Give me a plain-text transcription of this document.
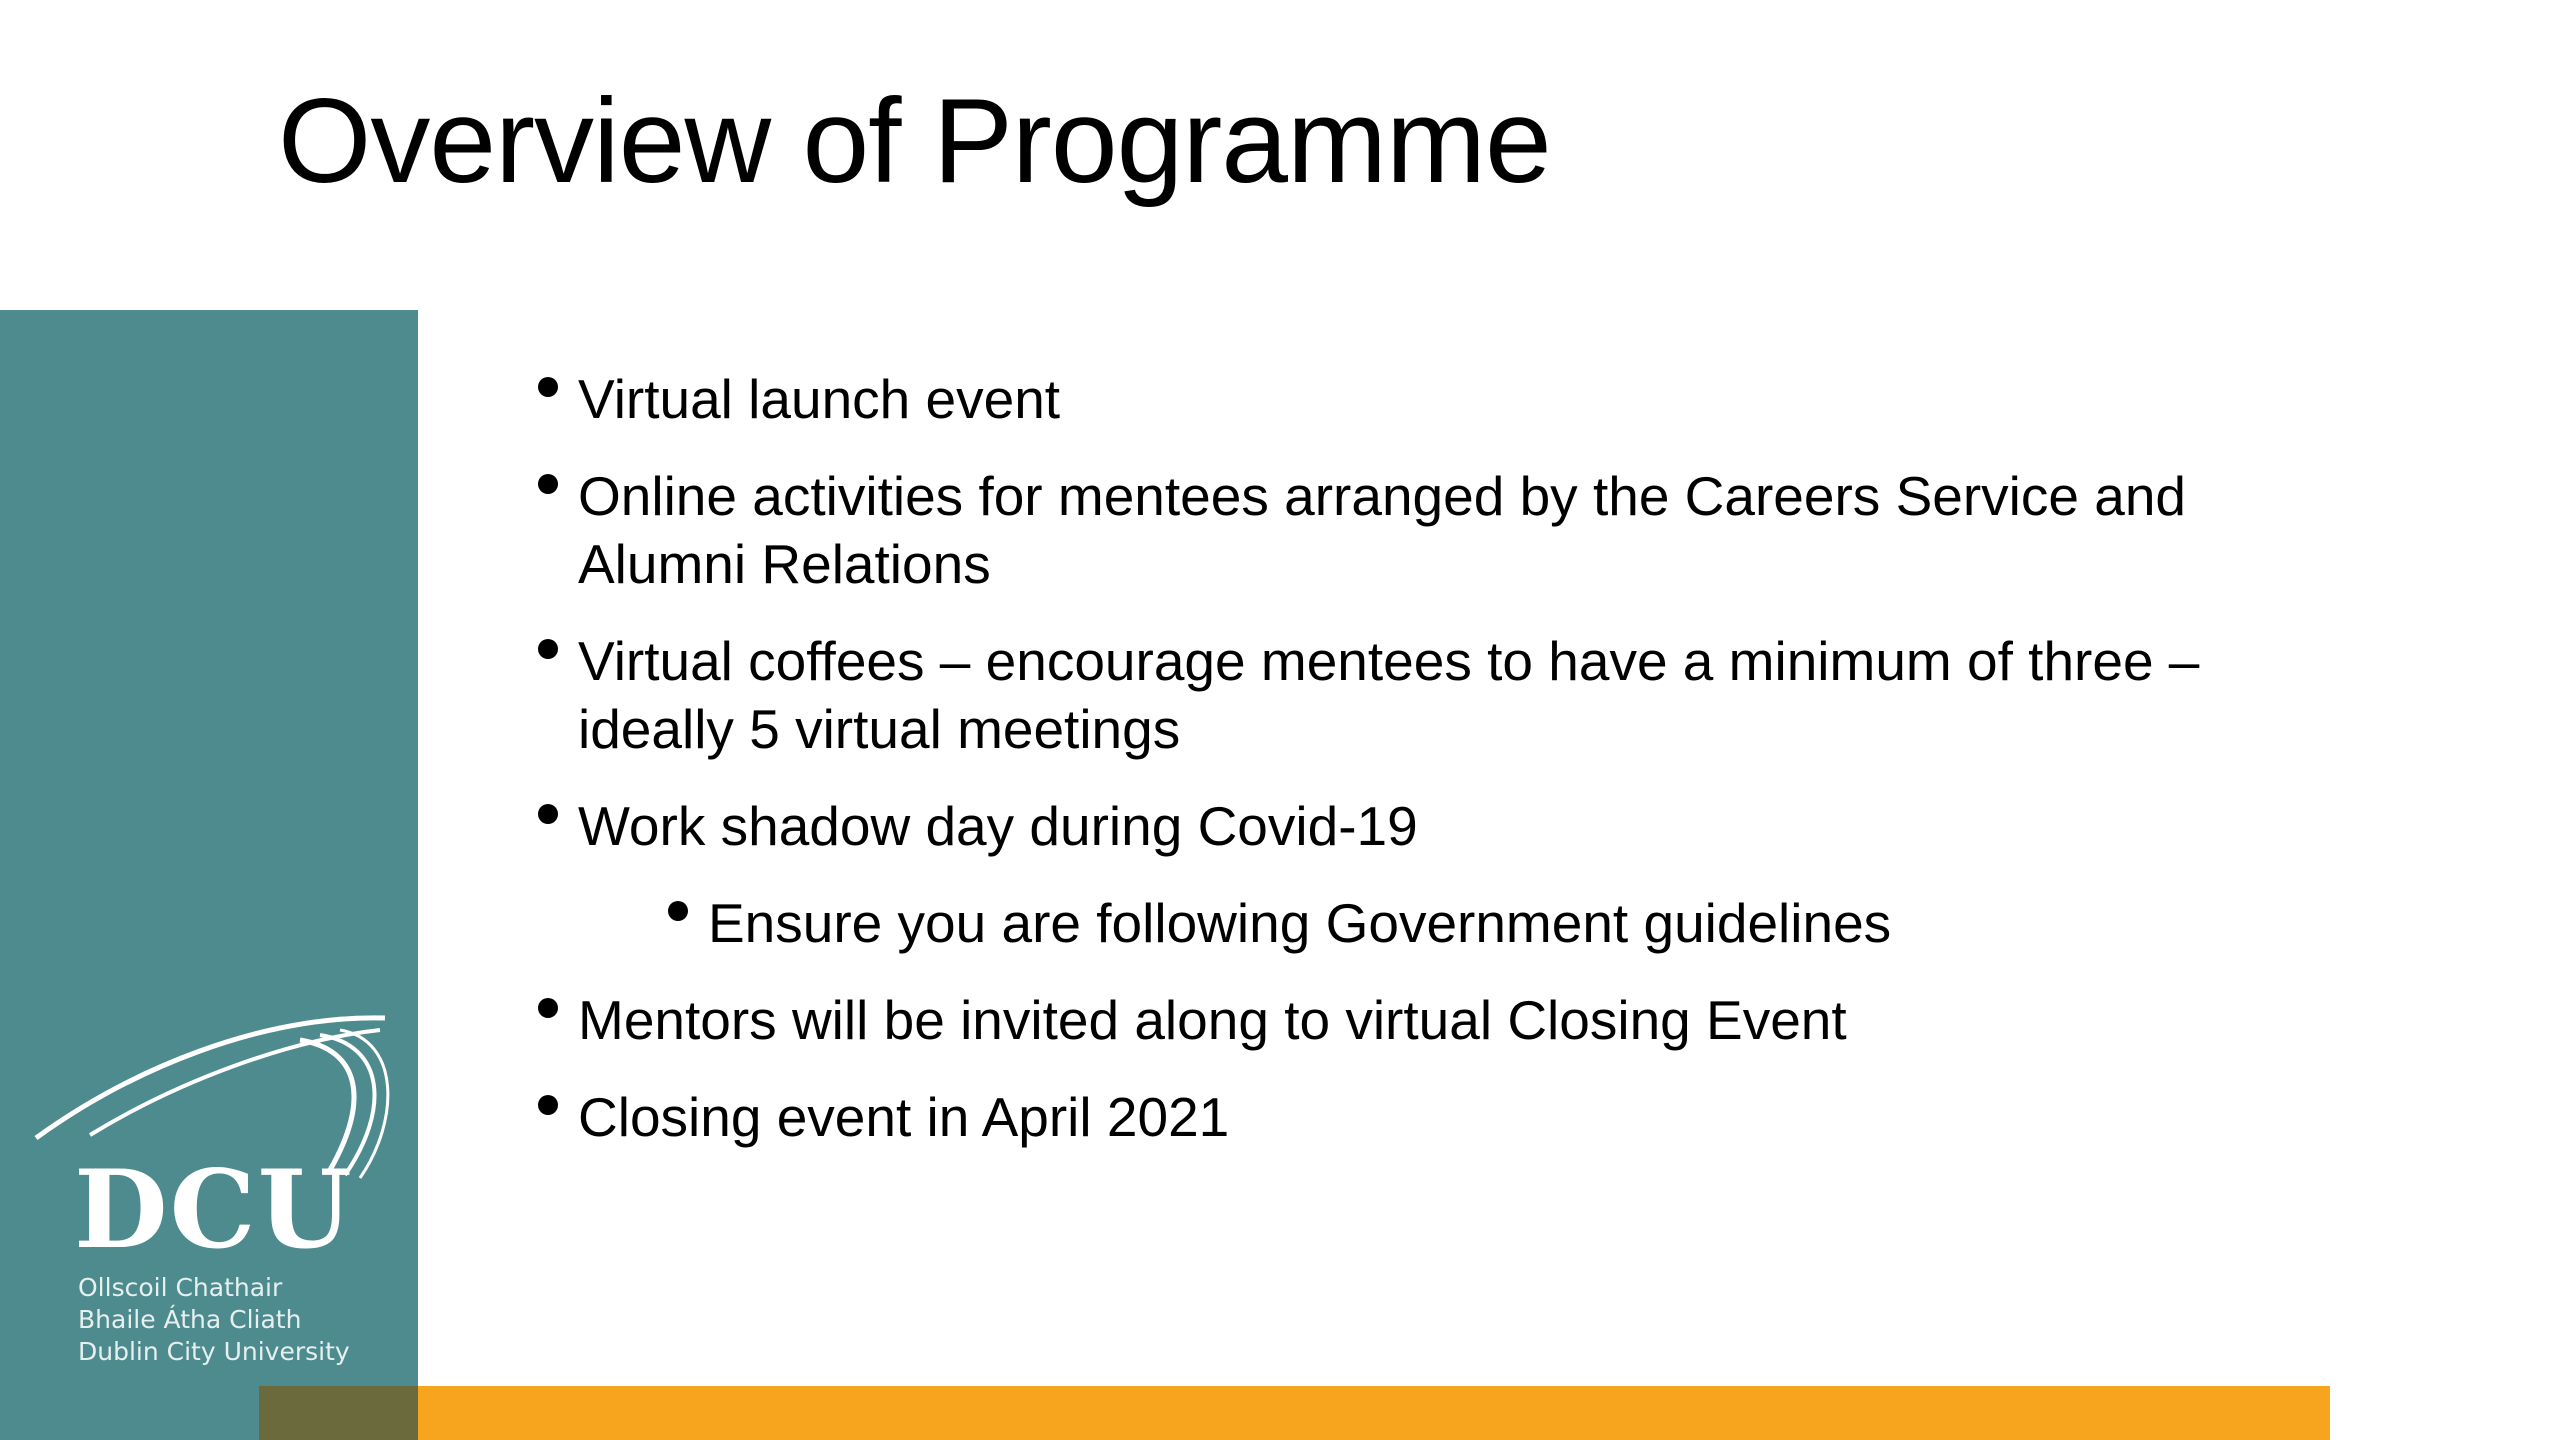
Overview of Programme
DCU
Ollscoil Chathair
Bhaile Átha Cliath
Dublin City University
Virtual launch event
Online activities for mentees arranged by the Careers Service and Alumni Relations
Virtual coffees – encourage mentees to have a minimum of three – ideally 5 virtual meetings
Work shadow day during Covid-19
Ensure you are following Government guidelines
Mentors will be invited along to virtual Closing Event
Closing event in April 2021
